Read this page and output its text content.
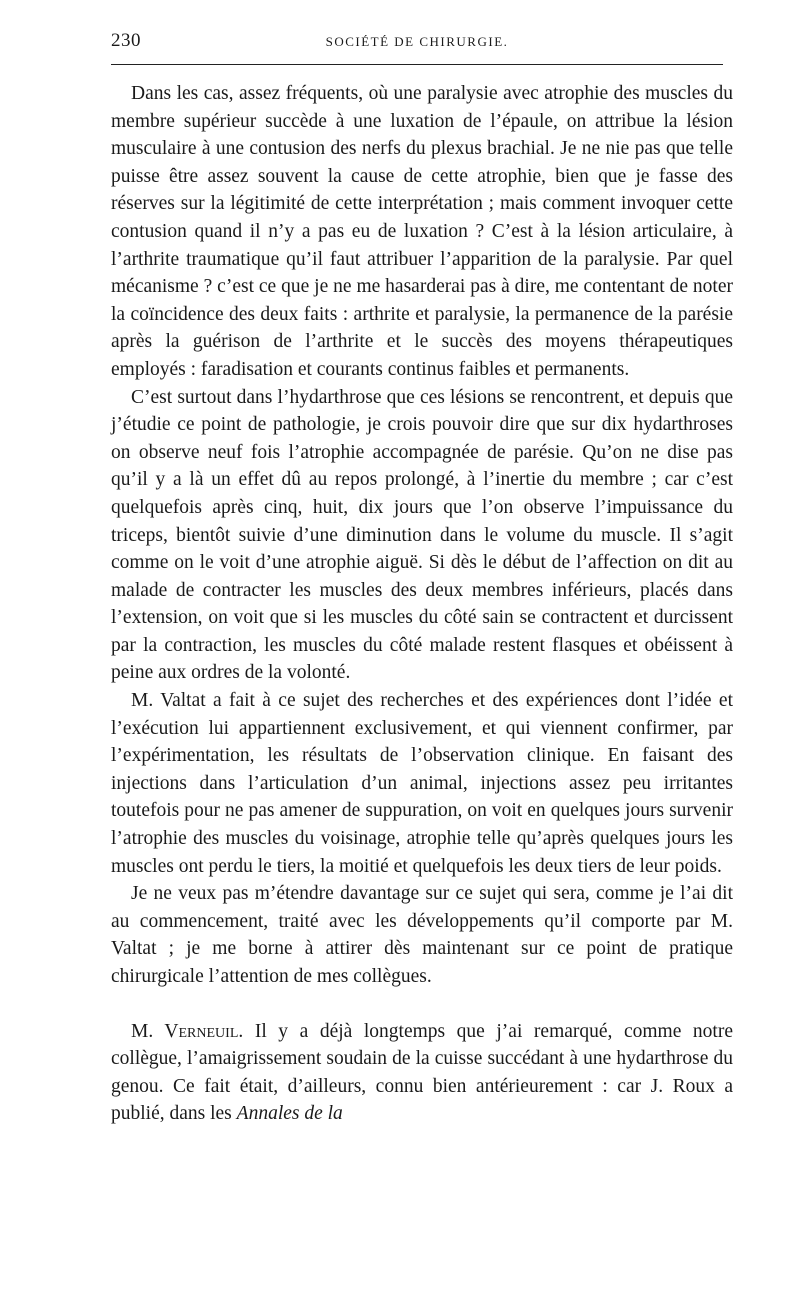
230	SOCIÉTÉ DE CHIRURGIE.

Dans les cas, assez fréquents, où une paralysie avec atrophie des muscles du membre supérieur succède à une luxation de l’épaule, on attribue la lésion musculaire à une contusion des nerfs du plexus brachial. Je ne nie pas que telle puisse être assez souvent la cause de cette atrophie, bien que je fasse des réserves sur la légitimité de cette interprétation ; mais comment invoquer cette contusion quand il n’y a pas eu de luxation ? C’est à la lésion articulaire, à l’arthrite traumatique qu’il faut attribuer l’apparition de la paralysie. Par quel mécanisme ? c’est ce que je ne me hasarderai pas à dire, me contentant de noter la coïncidence des deux faits : arthrite et paralysie, la permanence de la parésie après la guérison de l’arthrite et le succès des moyens thérapeutiques employés : faradisation et courants continus faibles et permanents.

C’est surtout dans l’hydarthrose que ces lésions se rencontrent, et depuis que j’étudie ce point de pathologie, je crois pouvoir dire que sur dix hydarthroses on observe neuf fois l’atrophie accompagnée de parésie. Qu’on ne dise pas qu’il y a là un effet dû au repos prolongé, à l’inertie du membre ; car c’est quelquefois après cinq, huit, dix jours que l’on observe l’impuissance du triceps, bientôt suivie d’une diminution dans le volume du muscle. Il s’agit comme on le voit d’une atrophie aiguë. Si dès le début de l’affection on dit au malade de contracter les muscles des deux membres inférieurs, placés dans l’extension, on voit que si les muscles du côté sain se contractent et durcissent par la contraction, les muscles du côté malade restent flasques et obéissent à peine aux ordres de la volonté.

M. Valtat a fait à ce sujet des recherches et des expériences dont l’idée et l’exécution lui appartiennent exclusivement, et qui viennent confirmer, par l’expérimentation, les résultats de l’observation clinique. En faisant des injections dans l’articulation d’un animal, injections assez peu irritantes toutefois pour ne pas amener de suppuration, on voit en quelques jours survenir l’atrophie des muscles du voisinage, atrophie telle qu’après quelques jours les muscles ont perdu le tiers, la moitié et quelquefois les deux tiers de leur poids.

Je ne veux pas m’étendre davantage sur ce sujet qui sera, comme je l’ai dit au commencement, traité avec les développements qu’il comporte par M. Valtat ; je me borne à attirer dès maintenant sur ce point de pratique chirurgicale l’attention de mes collègues.

M. Verneuil. Il y a déjà longtemps que j’ai remarqué, comme notre collègue, l’amaigrissement soudain de la cuisse succédant à une hydarthrose du genou. Ce fait était, d’ailleurs, connu bien antérieurement : car J. Roux a publié, dans les Annales de la
